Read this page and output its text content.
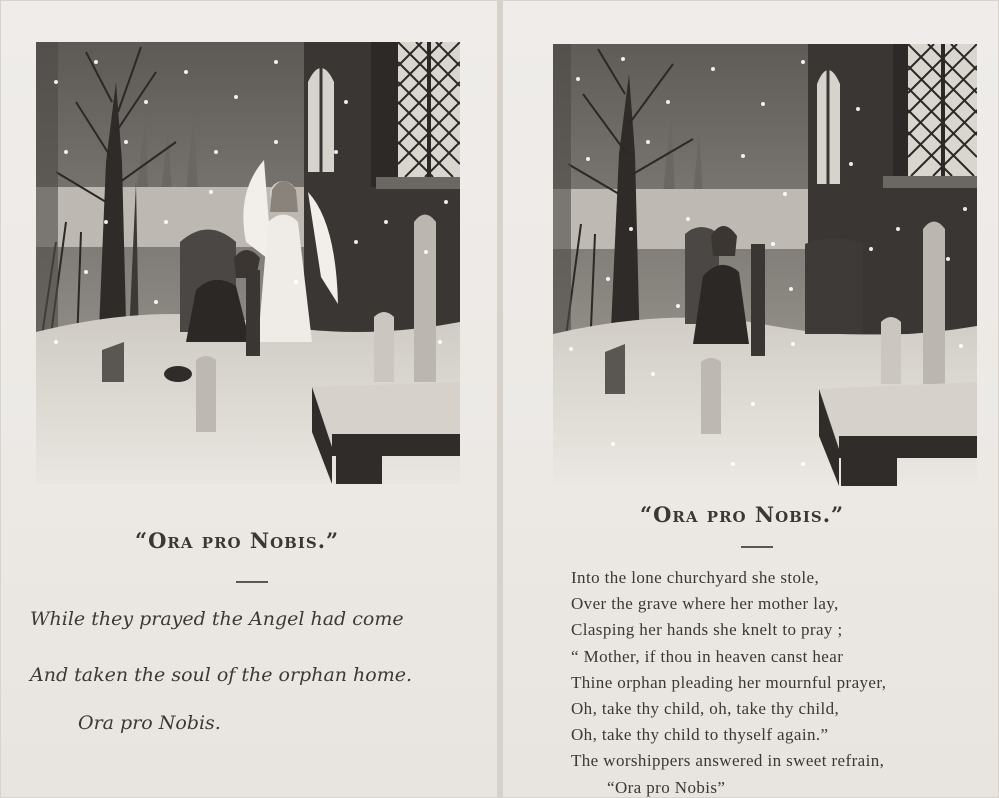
“Ora pro Nobis.”
While they prayed the Angel had come
And taken the soul of the orphan home.
Ora pro Nobis.
“Ora pro Nobis.”
Into the lone churchyard she stole,
Over the grave where her mother lay,
Clasping her hands she knelt to pray ;
“ Mother, if thou in heaven canst hear
Thine orphan pleading her mournful prayer,
Oh, take thy child, oh, take thy child,
Oh, take thy child to thyself again.”
The worshippers answered in sweet refrain,
“Ora pro Nobis”
